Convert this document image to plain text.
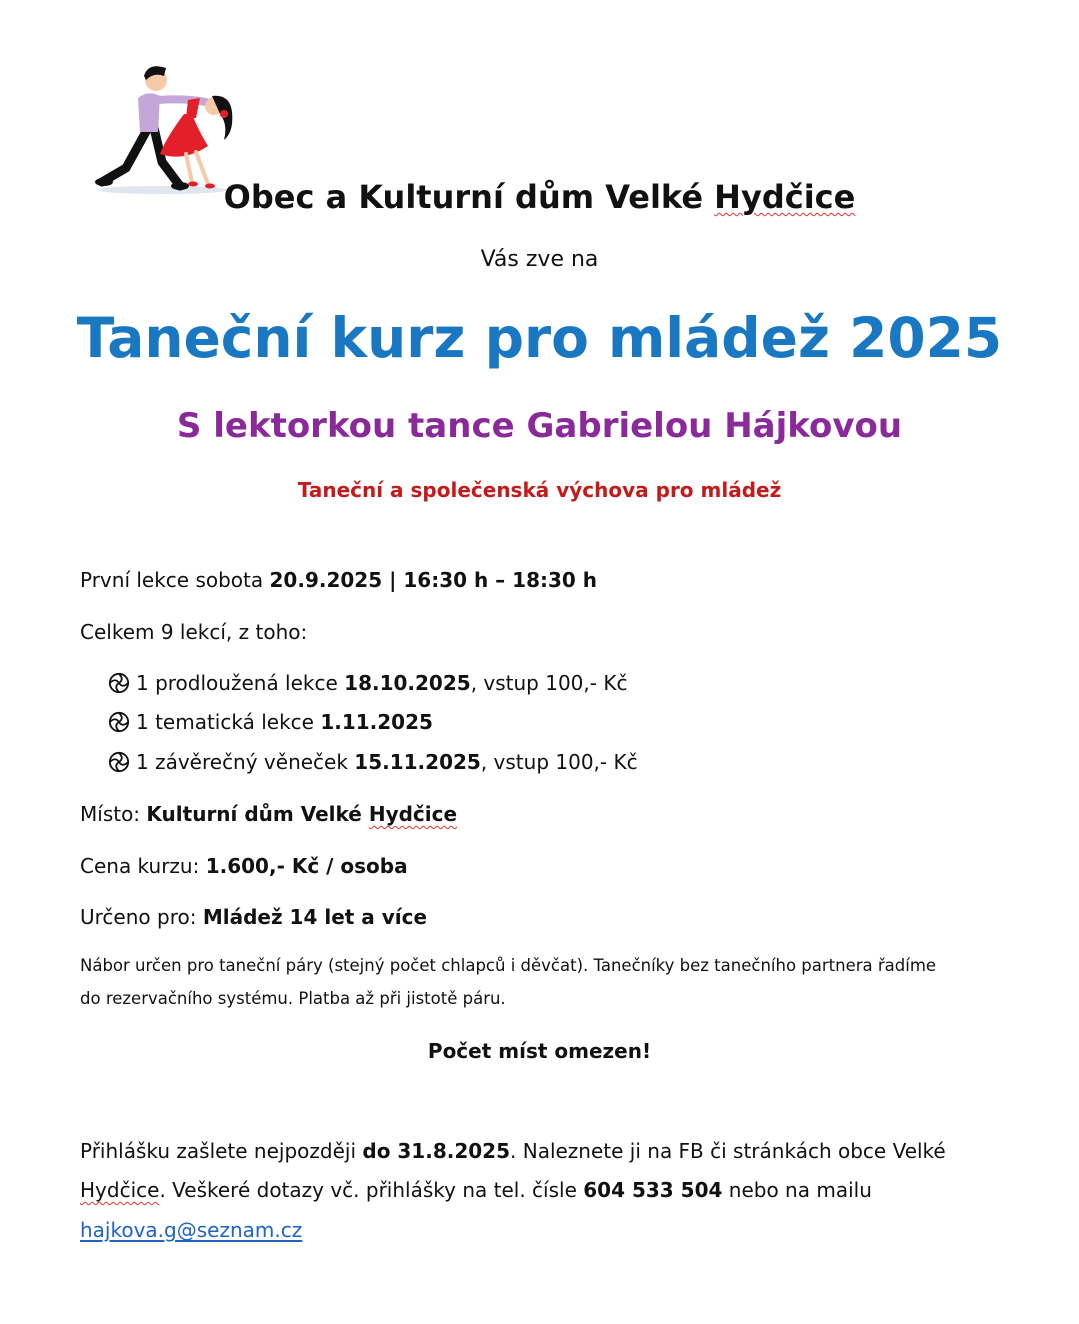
Obec a Kulturní dům Velké Hydčice
Vás zve na
Taneční kurz pro mládež 2025
S lektorkou tance Gabrielou Hájkovou
Taneční a společenská výchova pro mládež
První lekce sobota 20.9.2025 | 16:30 h – 18:30 h
Celkem 9 lekcí, z toho:
1 prodloužená lekce 18.10.2025, vstup 100,- Kč
1 tematická lekce 1.11.2025
1 závěrečný věneček 15.11.2025, vstup 100,- Kč
Místo: Kulturní dům Velké Hydčice
Cena kurzu: 1.600,- Kč / osoba
Určeno pro: Mládež 14 let a více
Nábor určen pro taneční páry (stejný počet chlapců i děvčat). Tanečníky bez tanečního partnera řadíme
do rezervačního systému. Platba až při jistotě páru.
Počet míst omezen!
Přihlášku zašlete nejpozději do 31.8.2025. Naleznete ji na FB či stránkách obce Velké
Hydčice. Veškeré dotazy vč. přihlášky na tel. čísle 604 533 504 nebo na mailu
hajkova.g@seznam.cz
